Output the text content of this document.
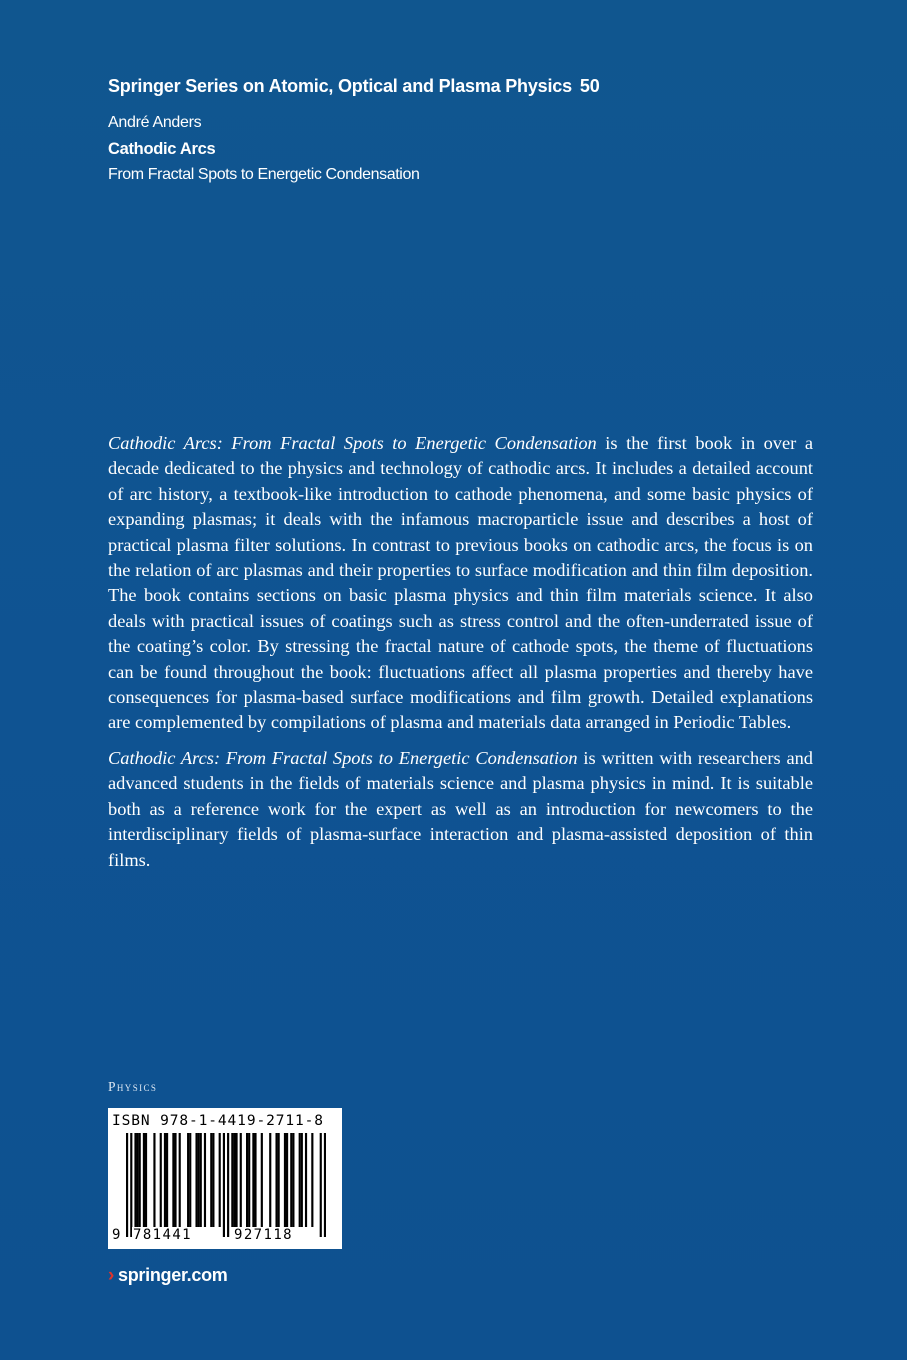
Springer Series on Atomic, Optical and Plasma Physics 50
André Anders
Cathodic Arcs
From Fractal Spots to Energetic Condensation

Cathodic Arcs: From Fractal Spots to Energetic Condensation is the first book in over a decade dedicated to the physics and technology of cathodic arcs. It includes a detailed account of arc history, a textbook-like introduction to cathode phenomena, and some basic physics of expanding plasmas; it deals with the infamous macroparticle issue and describes a host of practical plasma filter solutions. In contrast to previous books on cathodic arcs, the focus is on the relation of arc plasmas and their properties to surface modification and thin film deposition. The book contains sections on basic plasma physics and thin film materials science. It also deals with practical issues of coatings such as stress control and the often-​underrated issue of the coating’s color. By stressing the fractal nature of cathode spots, the theme of fluctuations can be found throughout the book: fluctuations affect all plasma properties and thereby have consequences for plasma-based surface modifications and film growth. Detailed explanations are complemented by compilations of plasma and materials data arranged in Periodic Tables.

Cathodic Arcs: From Fractal Spots to Energetic Condensation is written with researchers and advanced students in the fields of materials science and plasma physics in mind. It is suitable both as a reference work for the expert as well as an introduction for newcomers to the interdisciplinary fields of plasma-surface interaction and plasma-assisted deposition of thin films.

Physics
ISBN 978-1-4419-2711-8
9 781441	927118
› springer.com
